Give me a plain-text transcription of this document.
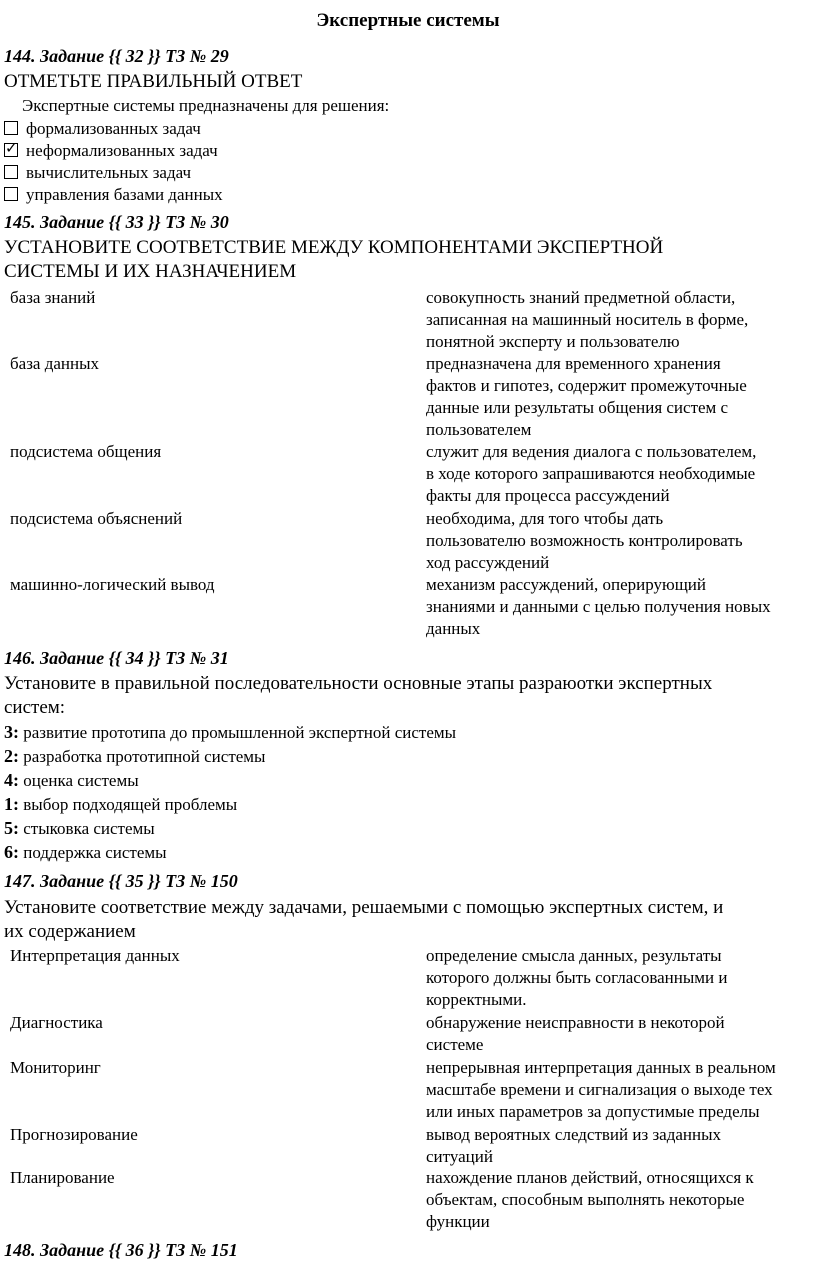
Экспертные системы
144. Задание {{ 32 }} ТЗ № 29
ОТМЕТЬТЕ ПРАВИЛЬНЫЙ ОТВЕТ
Экспертные системы предназначены для решения:
формализованных задач
✓неформализованных задач
вычислительных задач
управления базами данных
145. Задание {{ 33 }} ТЗ № 30
УСТАНОВИТЕ СООТВЕТСТВИЕ МЕЖДУ КОМПОНЕНТАМИ ЭКСПЕРТНОЙ
СИСТЕМЫ И ИХ НАЗНАЧЕНИЕМ
база знаний	совокупность знаний предметной области,
записанная на машинный носитель в форме,
понятной эксперту и пользователю
база данных	предназначена для временного хранения
фактов и гипотез, содержит промежуточные
данные или результаты общения систем с
пользователем
подсистема общения	служит для ведения диалога с пользователем,
в ходе которого запрашиваются необходимые
факты для процесса рассуждений
подсистема объяснений	необходима, для того чтобы дать
пользователю возможность контролировать
ход рассуждений
машинно-логический вывод	механизм рассуждений, оперирующий
знаниями и данными с целью получения новых
данных
146. Задание {{ 34 }} ТЗ № 31
Установите в правильной последовательности основные этапы разраюотки экспертных
систем:
3: развитие прототипа до промышленной экспертной системы
2: разработка прототипной системы
4: оценка системы
1: выбор подходящей проблемы
5: стыковка системы
6: поддержка системы
147. Задание {{ 35 }} ТЗ № 150
Установите соответствие между задачами, решаемыми с помощью экспертных систем, и
их содержанием
Интерпретация данных	определение смысла данных, результаты
которого должны быть согласованными и
корректными.
Диагностика	обнаружение неисправности в некоторой
системе
Мониторинг	непрерывная интерпретация данных в реальном
масштабе времени и сигнализация о выходе тех
или иных параметров за допустимые пределы
Прогнозирование	вывод вероятных следствий из заданных
ситуаций
Планирование	нахождение планов действий, относящихся к
объектам, способным выполнять некоторые
функции
148. Задание {{ 36 }} ТЗ № 151
